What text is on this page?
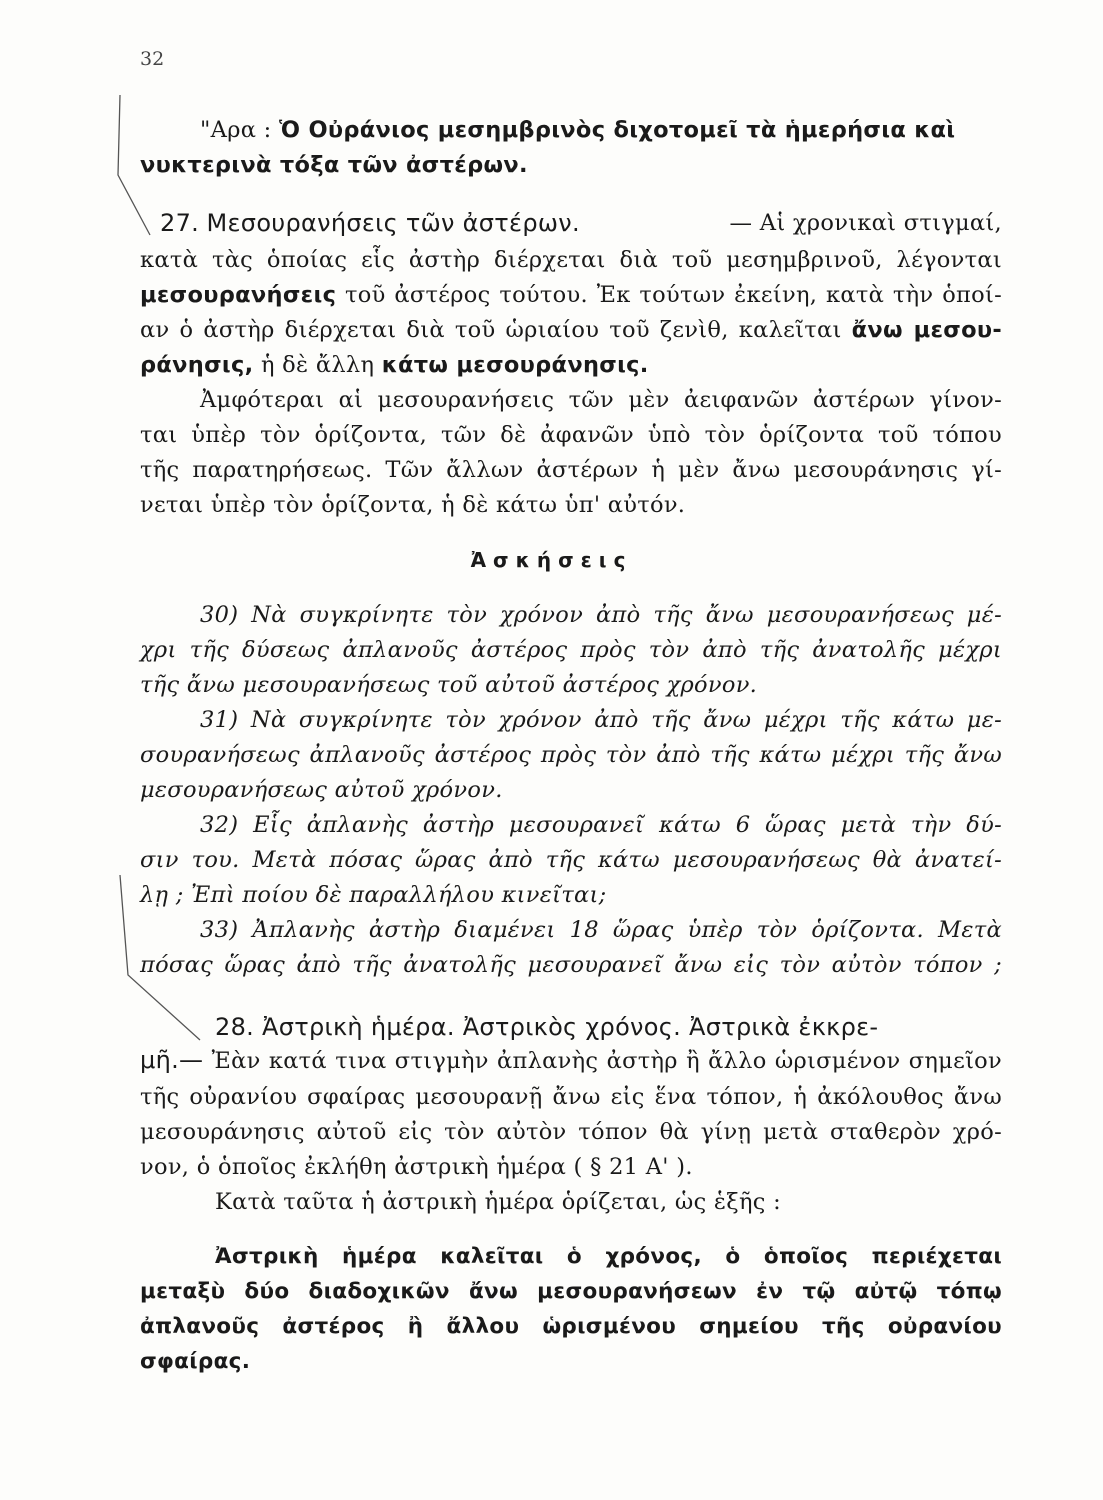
32
"Αρα : Ὁ Οὐράνιος μεσημβρινὸς διχοτομεῖ τὰ ἡμερήσια καὶ
νυκτερινὰ τόξα τῶν ἀστέρων.
27. Μεσουρανήσεις τῶν ἀστέρων.	— Αἱ χρονικαὶ στιγμαί,
κατὰ τὰς ὁποίας εἷς ἀστὴρ διέρχεται διὰ τοῦ μεσημβρινοῦ, λέγονται
μεσουρανήσεις τοῦ ἀστέρος τούτου. Ἐκ τούτων ἐκείνη, κατὰ τὴν ὁποί-
αν ὁ ἀστὴρ διέρχεται διὰ τοῦ ὡριαίου τοῦ ζενὶθ, καλεῖται ἄνω μεσου-
ράνησις, ἡ δὲ ἄλλη κάτω μεσουράνησις.
Ἀμφότεραι αἱ μεσουρανήσεις τῶν μὲν ἀειφανῶν ἀστέρων γίνον-
ται ὑπὲρ τὸν ὁρίζοντα, τῶν δὲ ἀφανῶν ὑπὸ τὸν ὁρίζοντα τοῦ τόπου
τῆς παρατηρήσεως. Τῶν ἄλλων ἀστέρων ἡ μὲν ἄνω μεσουράνησις γί-
νεται ὑπὲρ τὸν ὁρίζοντα, ἡ δὲ κάτω ὑπ' αὐτόν.
Ἀσκήσεις
30) Νὰ συγκρίνητε τὸν χρόνον ἀπὸ τῆς ἄνω μεσουρανήσεως μέ-
χρι τῆς δύσεως ἀπλανοῦς ἀστέρος πρὸς τὸν ἀπὸ τῆς ἀνατολῆς μέχρι
τῆς ἄνω μεσουρανήσεως τοῦ αὐτοῦ ἀστέρος χρόνον.
31) Νὰ συγκρίνητε τὸν χρόνον ἀπὸ τῆς ἄνω μέχρι τῆς κάτω με-
σουρανήσεως ἀπλανοῦς ἀστέρος πρὸς τὸν ἀπὸ τῆς κάτω μέχρι τῆς ἄνω
μεσουρανήσεως αὐτοῦ χρόνον.
32) Εἷς ἀπλανὴς ἀστὴρ μεσουρανεῖ κάτω 6 ὥρας μετὰ τὴν δύ-
σιν του. Μετὰ πόσας ὥρας ἀπὸ τῆς κάτω μεσουρανήσεως θὰ ἀνατεί-
λῃ ; Ἐπὶ ποίου δὲ παραλλήλου κινεῖται;
33) Ἀπλανὴς ἀστὴρ διαμένει 18 ὥρας ὑπὲρ τὸν ὁρίζοντα. Μετὰ
πόσας ὥρας ἀπὸ τῆς ἀνατολῆς μεσουρανεῖ ἄνω εἰς τὸν αὐτὸν τόπον ;
28. Ἀστρικὴ ἡμέρα. Ἀστρικὸς χρόνος. Ἀστρικὰ ἐκκρε-
μῆ.— Ἐὰν κατά τινα στιγμὴν ἀπλανὴς ἀστὴρ ἢ ἄλλο ὡρισμένον σημεῖον
τῆς οὐρανίου σφαίρας μεσουρανῇ ἄνω εἰς ἕνα τόπον, ἡ ἀκόλουθος ἄνω
μεσουράνησις αὐτοῦ εἰς τὸν αὐτὸν τόπον θὰ γίνῃ μετὰ σταθερὸν χρό-
νον, ὁ ὁποῖος ἐκλήθη ἀστρικὴ ἡμέρα ( § 21 Α' ).
Κατὰ ταῦτα ἡ ἀστρικὴ ἡμέρα ὁρίζεται, ὡς ἑξῆς :
Ἀστρικὴ ἡμέρα καλεῖται ὁ χρόνος, ὁ ὁποῖος περιέχεται
μεταξὺ δύο διαδοχικῶν ἄνω μεσουρανήσεων ἐν τῷ αὐτῷ τόπῳ
ἀπλανοῦς ἀστέρος ἢ ἄλλου ὡρισμένου σημείου τῆς οὐρανίου
σφαίρας.
